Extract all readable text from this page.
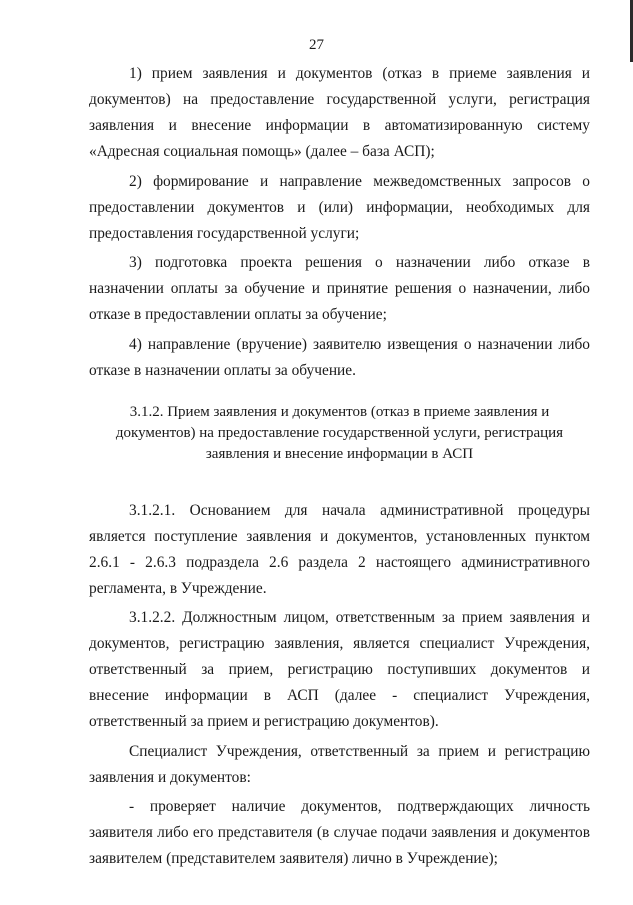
27

1) прием заявления и документов (отказ в приеме заявления и документов) на предоставление государственной услуги, регистрация заявления и внесение информации в автоматизированную систему «Адресная социальная помощь» (далее – база АСП);

2) формирование и направление межведомственных запросов о предоставлении документов и (или) информации, необходимых для предоставления государственной услуги;

3) подготовка проекта решения о назначении либо отказе в назначении оплаты за обучение и принятие решения о назначении, либо отказе в предоставлении оплаты за обучение;

4) направление (вручение) заявителю извещения о назначении либо отказе в назначении оплаты за обучение.

3.1.2. Прием заявления и документов (отказ в приеме заявления и документов) на предоставление государственной услуги, регистрация заявления и внесение информации в АСП

3.1.2.1. Основанием для начала административной процедуры является поступление заявления и документов, установленных пунктом 2.6.1 - 2.6.3 подраздела 2.6 раздела 2 настоящего административного регламента, в Учреждение.

3.1.2.2. Должностным лицом, ответственным за прием заявления и документов, регистрацию заявления, является специалист Учреждения, ответственный за прием, регистрацию поступивших документов и внесение информации в АСП (далее - специалист Учреждения, ответственный за прием и регистрацию документов).

Специалист Учреждения, ответственный за прием и регистрацию заявления и документов:

- проверяет наличие документов, подтверждающих личность заявителя либо его представителя (в случае подачи заявления и документов заявителем (представителем заявителя) лично в Учреждение);
